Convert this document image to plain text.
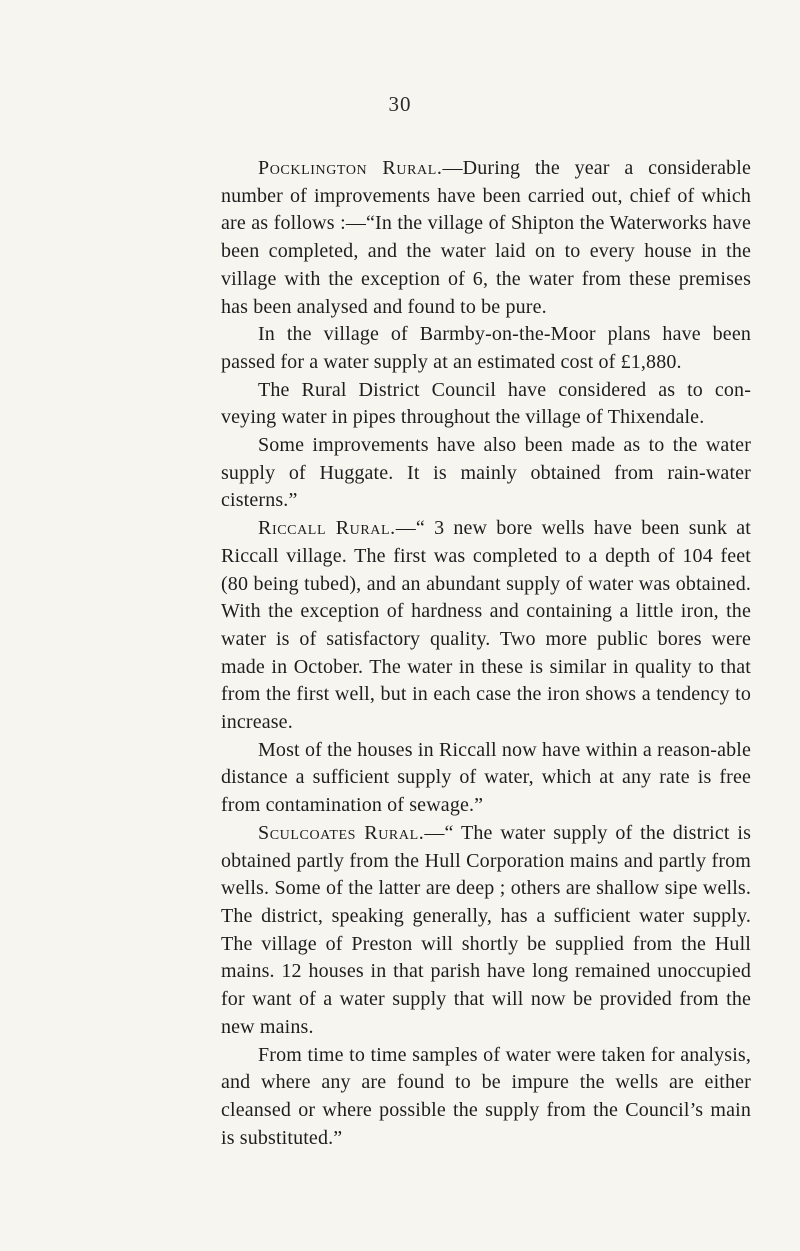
30

Pocklington Rural.—During the year a considerable number of improvements have been carried out, chief of which are as follows :—“In the village of Shipton the Waterworks have been completed, and the water laid on to every house in the village with the exception of 6, the water from these premises has been analysed and found to be pure.

In the village of Barmby-on-the-Moor plans have been passed for a water supply at an estimated cost of £1,880.

The Rural District Council have considered as to con-veying water in pipes throughout the village of Thixendale.

Some improvements have also been made as to the water supply of Huggate. It is mainly obtained from rain-water cisterns.”

Riccall Rural.—“ 3 new bore wells have been sunk at Riccall village. The first was completed to a depth of 104 feet (80 being tubed), and an abundant supply of water was obtained. With the exception of hardness and containing a little iron, the water is of satisfactory quality. Two more public bores were made in October. The water in these is similar in quality to that from the first well, but in each case the iron shows a tendency to increase.

Most of the houses in Riccall now have within a reason-able distance a sufficient supply of water, which at any rate is free from contamination of sewage.”

Sculcoates Rural.—“ The water supply of the district is obtained partly from the Hull Corporation mains and partly from wells. Some of the latter are deep ; others are shallow sipe wells. The district, speaking generally, has a sufficient water supply. The village of Preston will shortly be supplied from the Hull mains. 12 houses in that parish have long remained unoccupied for want of a water supply that will now be provided from the new mains.

From time to time samples of water were taken for analysis, and where any are found to be impure the wells are either cleansed or where possible the supply from the Council’s main is substituted.”
